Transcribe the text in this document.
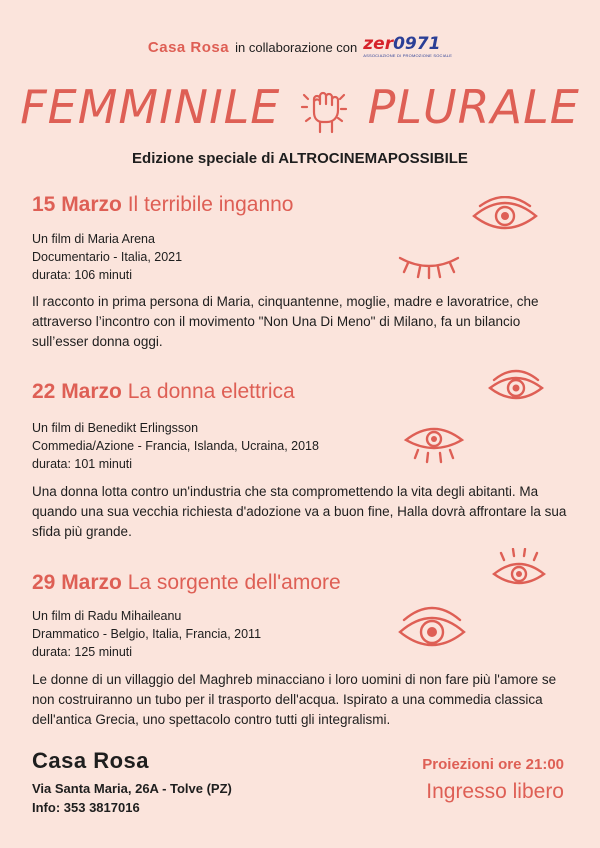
Casa Rosa in collaborazione con zer0971
ASSOCIAZIONE DI PROMOZIONE SOCIALE
FEMMINILE PLURALE
Edizione speciale di ALTROCINEMAPOSSIBILE
15 Marzo Il terribile inganno
Un film di Maria Arena
Documentario - Italia, 2021
durata: 106 minuti
Il racconto in prima persona di Maria, cinquantenne, moglie, madre e lavoratrice, che attraverso l’incontro con il movimento "Non Una Di Meno" di Milano, fa un bilancio sull’esser donna oggi.
22 Marzo La donna elettrica
Un film di Benedikt Erlingsson
Commedia/Azione - Francia, Islanda, Ucraina, 2018
durata: 101 minuti
Una donna lotta contro un'industria che sta compromettendo la vita degli abitanti. Ma quando una sua vecchia richiesta d'adozione va a buon fine, Halla dovrà affrontare la sua sfida più grande.
29 Marzo La sorgente dell'amore
Un film di Radu Mihaileanu
Drammatico - Belgio, Italia, Francia, 2011
durata: 125 minuti
Le donne di un villaggio del Maghreb minacciano i loro uomini di non fare più l'amore se non costruiranno un tubo per il trasporto dell'acqua. Ispirato a una commedia classica dell'antica Grecia, uno spettacolo contro tutti gli integralismi.
Casa Rosa
Via Santa Maria, 26A - Tolve (PZ)
Info: 353 3817016
Proiezioni ore 21:00
Ingresso libero
